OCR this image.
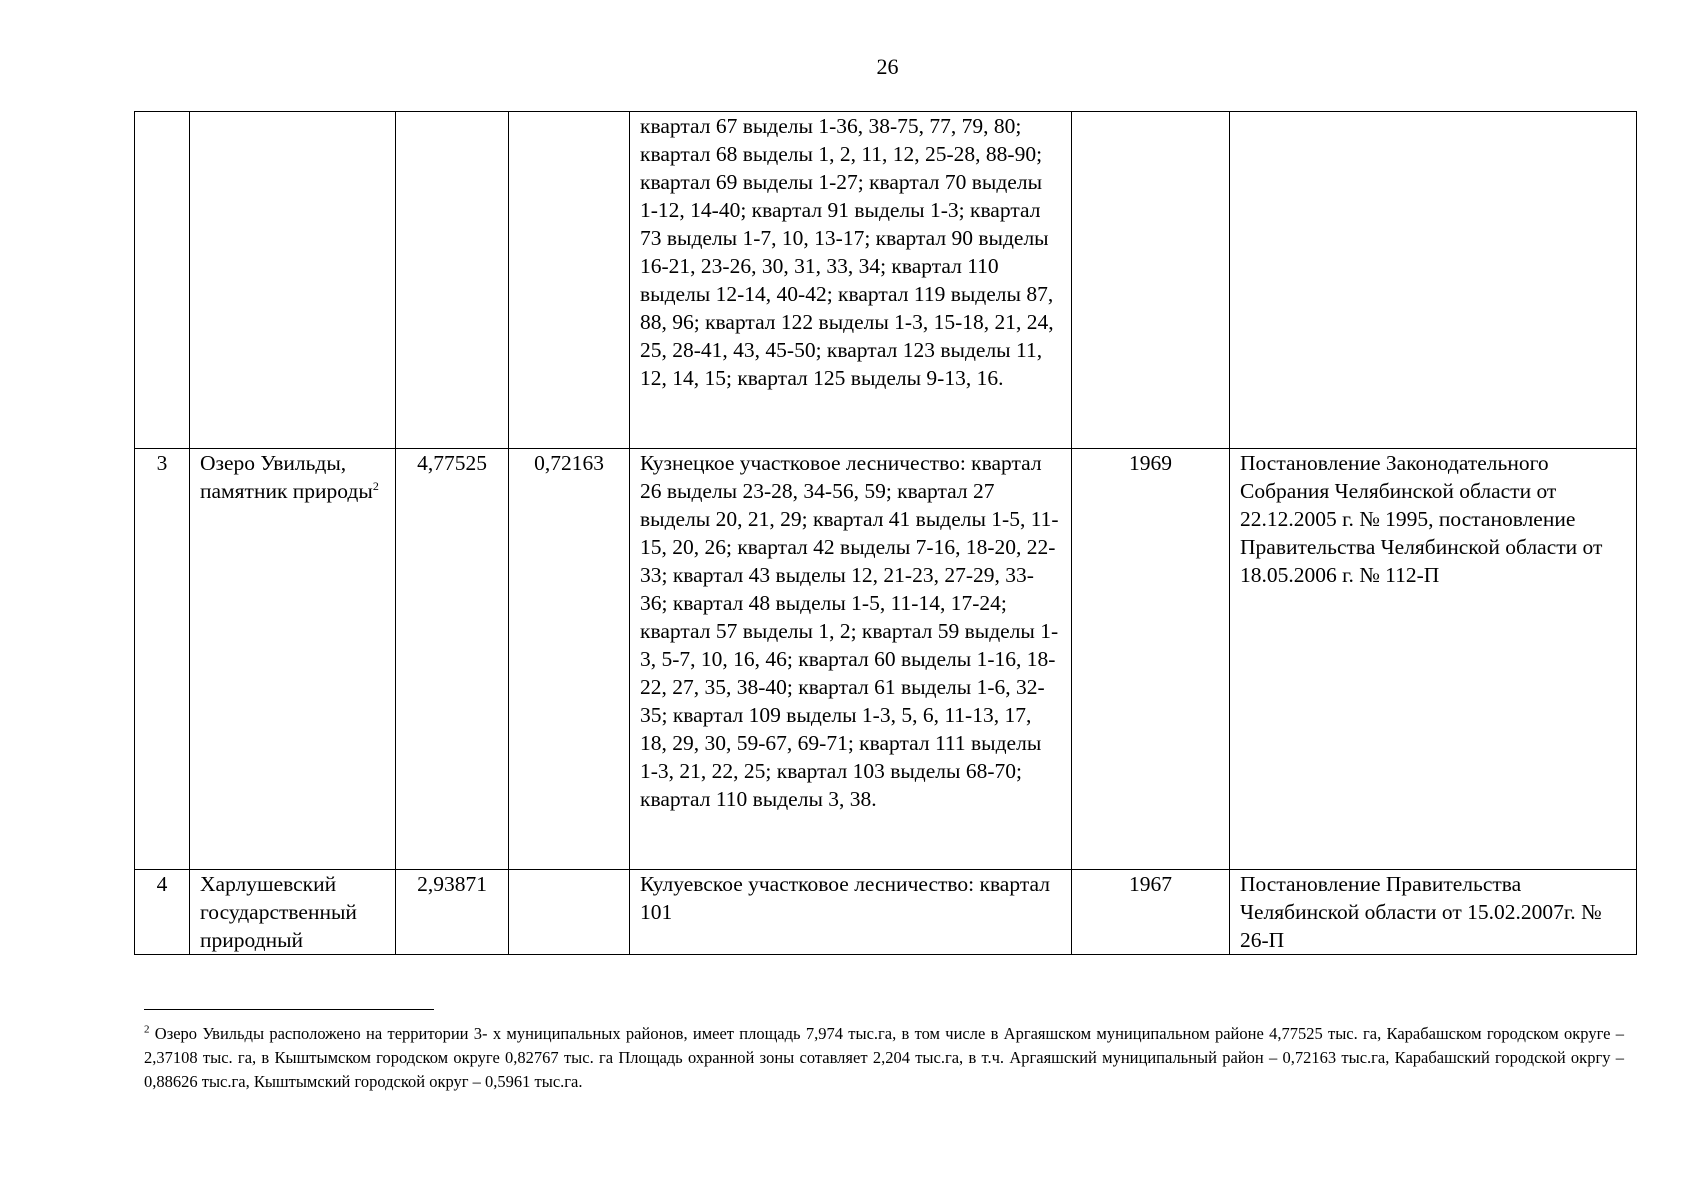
26
				квартал 67 выделы 1-36, 38-75, 77, 79, 80; квартал 68 выделы 1, 2, 11, 12, 25-28, 88-90; квартал 69 выделы 1-27; квартал 70 выделы 1-12, 14-40; квартал 91 выделы 1-3; квартал 73 выделы 1-7, 10, 13-17; квартал 90 выделы 16-21, 23-26, 30, 31, 33, 34; квартал 110 выделы 12-14, 40-42; квартал 119 выделы 87, 88, 96; квартал 122 выделы 1-3, 15-18, 21, 24, 25, 28-41, 43, 45-50; квартал 123 выделы 11, 12, 14, 15; квартал 125 выделы 9-13, 16.		
3	Озеро Увильды, памятник природы$^2$	4,77525	0,72163	Кузнецкое участковое лесничество: квартал 26 выделы 23-28, 34-56, 59; квартал 27 выделы 20, 21, 29; квартал 41 выделы 1-5, 11-15, 20, 26; квартал 42 выделы 7-16, 18-20, 22-33; квартал 43 выделы 12, 21-23, 27-29, 33-36; квартал 48 выделы 1-5, 11-14, 17-24; квартал 57 выделы 1, 2; квартал 59 выделы 1-3, 5-7, 10, 16, 46; квартал 60 выделы 1-16, 18-22, 27, 35, 38-40; квартал 61 выделы 1-6, 32-35; квартал 109 выделы 1-3, 5, 6, 11-13, 17, 18, 29, 30, 59-67, 69-71; квартал 111 выделы 1-3, 21, 22, 25; квартал 103 выделы 68-70; квартал 110 выделы 3, 38.	1969	Постановление Законодательного Собрания Челябинской области от 22.12.2005 г. № 1995, постановление Правительства Челябинской области от 18.05.2006 г. № 112-П
4	Харлушевский государственный природный	2,93871		Кулуевское участковое лесничество: квартал 101	1967	Постановление Правительства Челябинской области от 15.02.2007г. № 26-П
$^2$ Озеро Увильды расположено на территории 3- х муниципальных районов, имеет площадь 7,974 тыс.га, в том числе в Аргаяшском муниципальном районе 4,77525 тыс. га, Карабашском городском округе – 2,37108 тыс. га, в Кыштымском городском округе 0,82767 тыс. га Площадь охранной зоны сотавляет 2,204 тыс.га, в т.ч. Аргаяшский муниципальный район – 0,72163 тыс.га, Карабашский городской окргу – 0,88626 тыс.га, Кыштымский городской округ – 0,5961 тыс.га.
